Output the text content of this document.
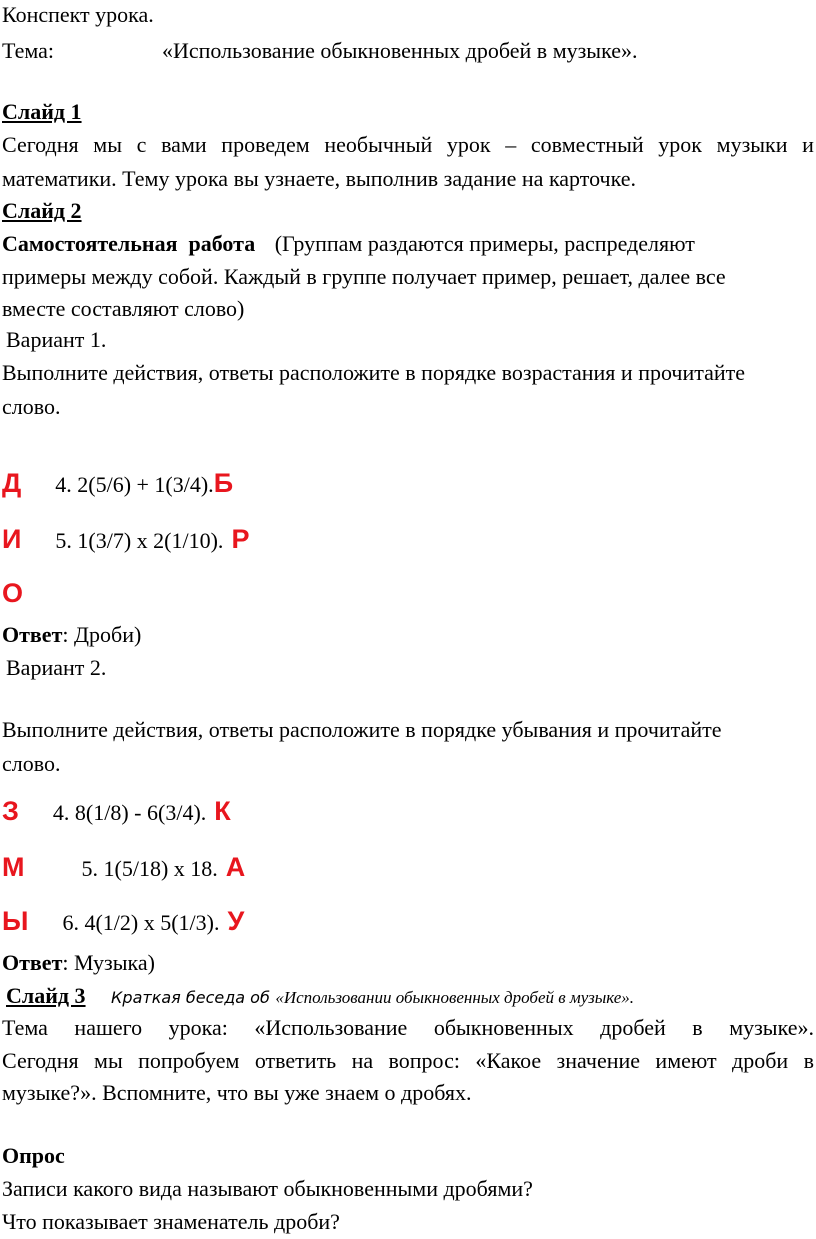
Конспект урока.
Тема:	«Использование обыкновенных дробей в музыке».
Слайд 1
Сегодня мы с вами проведем необычный урок – совместный урок музыки и
математики. Тему урока вы узнаете, выполнив задание на карточке.
Слайд 2
Самостоятельная  работа (Группам раздаются примеры, распределяют
примеры между собой. Каждый в группе получает пример, решает, далее все
вместе составляют слово)
Вариант 1.
Выполните действия, ответы расположите в порядке возрастания и прочитайте
слово.
Д 4. 2(5/6) + 1(3/4).Б
И 5. 1(3/7) х 2(1/10). Р
О
Ответ: Дроби)
Вариант 2.
Выполните действия, ответы расположите в порядке убывания и прочитайте
слово.
З 4. 8(1/8) - 6(3/4). К
М	5. 1(5/18) х 18. А
Ы 6. 4(1/2) х 5(1/3). У
Ответ: Музыка)
Слайд 3 Краткая беседа об «Использовании обыкновенных дробей в музыке».
Тема нашего урока: «Использование обыкновенных дробей в музыке».
Сегодня мы попробуем ответить на вопрос: «Какое значение имеют дроби в
музыке?». Вспомните, что вы уже знаем о дробях.
Опрос
Записи какого вида называют обыкновенными дробями?
Что показывает знаменатель дроби?
